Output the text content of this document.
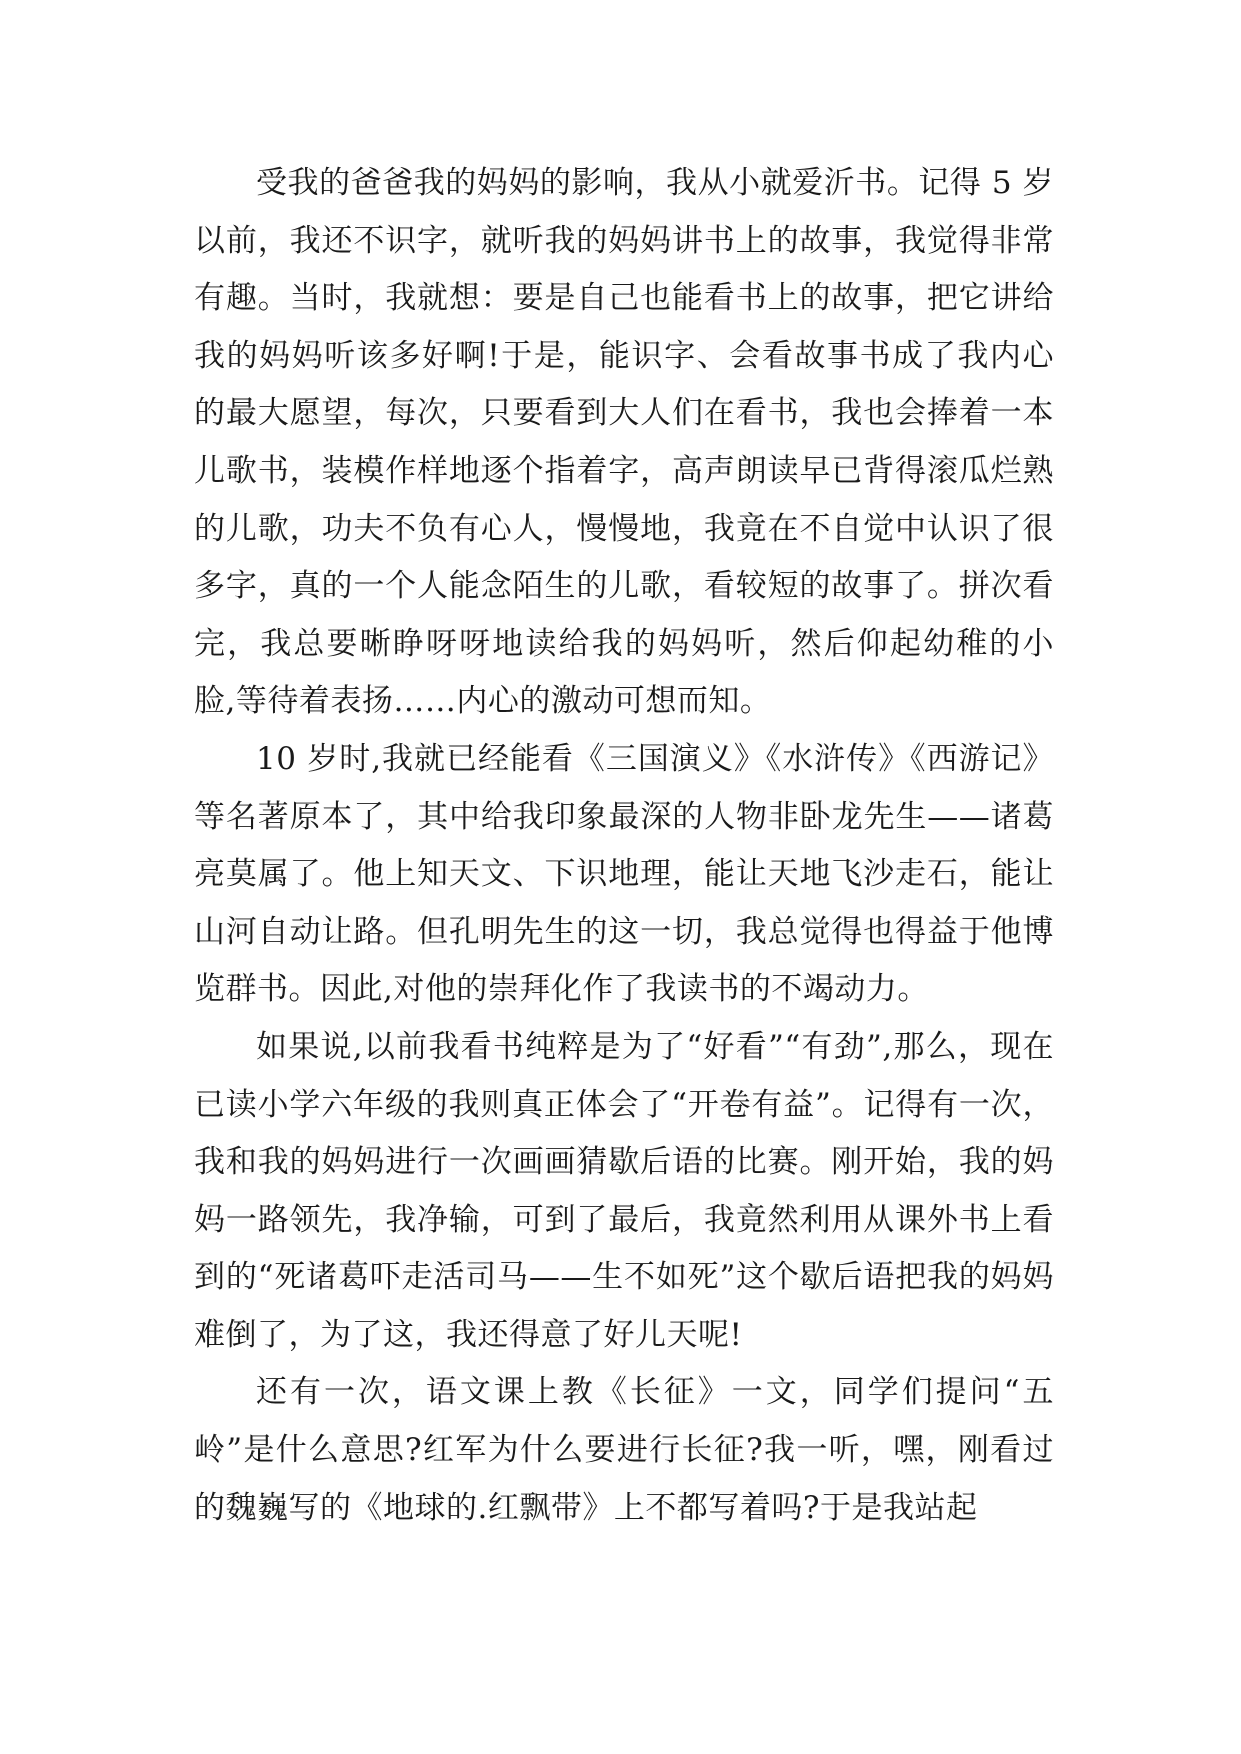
受我的爸爸我的妈妈的影响，我从小就爱沂书。记得 5 岁以前，我还不识字，就听我的妈妈讲书上的故事，我觉得非常有趣。当时，我就想：要是自己也能看书上的故事，把它讲给我的妈妈听该多好啊!于是，能识字、会看故事书成了我内心的最大愿望，每次，只要看到大人们在看书，我也会捧着一本儿歌书，装模作样地逐个指着字，高声朗读早已背得滚瓜烂熟的儿歌，功夫不负有心人，慢慢地，我竟在不自觉中认识了很多字，真的一个人能念陌生的儿歌，看较短的故事了。拼次看完，我总要晰睁呀呀地读给我的妈妈听，然后仰起幼稚的小脸,等待着表扬……内心的激动可想而知。

10 岁时,我就已经能看《三国演义》《水浒传》《西游记》等名著原本了，其中给我印象最深的人物非卧龙先生——诸葛亮莫属了。他上知天文、下识地理，能让天地飞沙走石，能让山河自动让路。但孔明先生的这一切，我总觉得也得益于他博览群书。因此,对他的崇拜化作了我读书的不竭动力。

如果说,以前我看书纯粹是为了“好看”“有劲”,那么，现在已读小学六年级的我则真正体会了“开卷有益”。记得有一次，我和我的妈妈进行一次画画猜歇后语的比赛。刚开始，我的妈妈一路领先，我净输，可到了最后，我竟然利用从课外书上看到的“死诸葛吓走活司马——生不如死”这个歇后语把我的妈妈难倒了，为了这，我还得意了好儿天呢!

还有一次，语文课上教《长征》一文，同学们提问“五岭”是什么意思?红军为什么要进行长征?我一听，嘿，刚看过的魏巍写的《地球的.红飘带》上不都写着吗?于是我站起
